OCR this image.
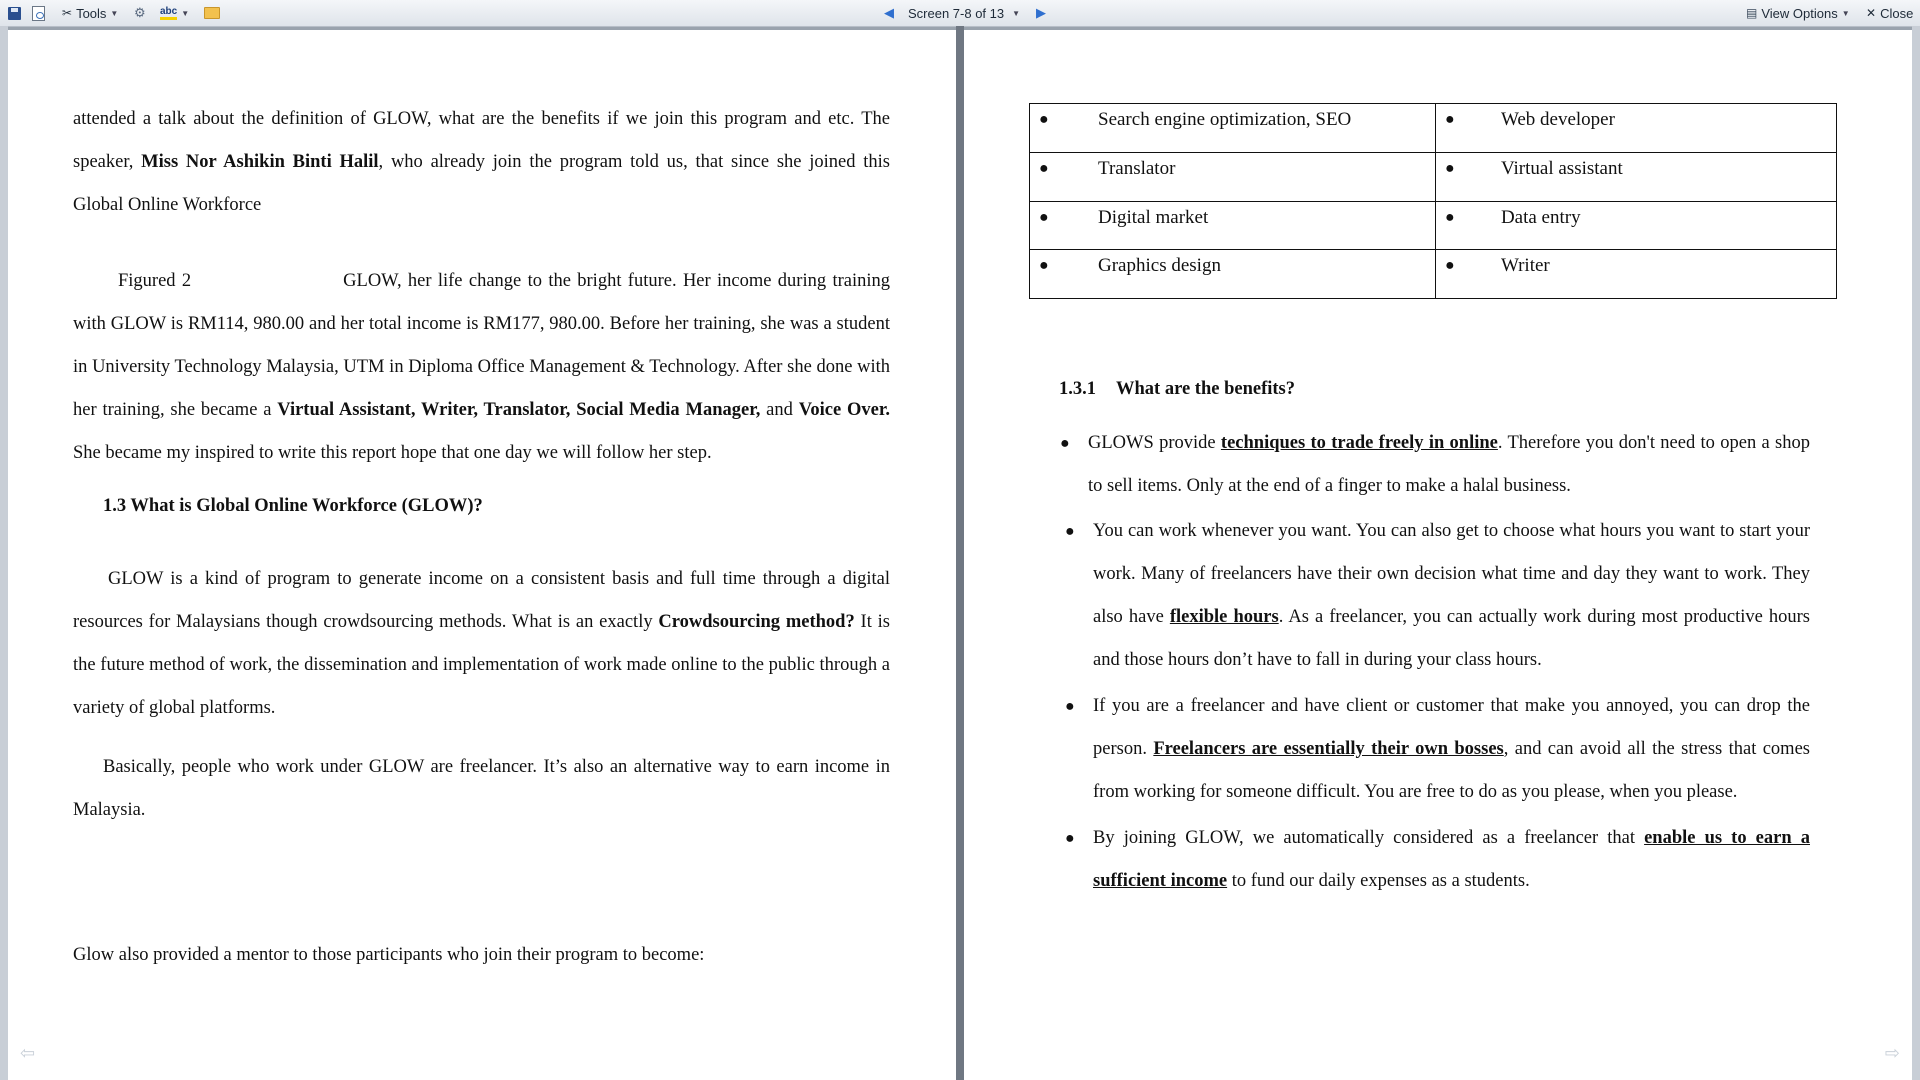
✂ Tools ▼ ⚙ abc ▼	◀ Screen 7-8 of 13 ▼ ▶	▤ View Options ▼ ✕ Close
attended a talk about the definition of GLOW, what are the benefits if we join this program and etc. The speaker, Miss Nor Ashikin Binti Halil, who already join the program told us, that since she joined this Global Online Workforce
Figured 2	GLOW, her life change to the bright future. Her income during training with GLOW is RM114, 980.00 and her total income is RM177, 980.00. Before her training, she was a student in University Technology Malaysia, UTM in Diploma Office Management & Technology. After she done with her training, she became a Virtual Assistant, Writer, Translator, Social Media Manager, and Voice Over. She became my inspired to write this report hope that one day we will follow her step.
1.3 What is Global Online Workforce (GLOW)?
GLOW is a kind of program to generate income on a consistent basis and full time through a digital resources for Malaysians though crowdsourcing methods. What is an exactly Crowdsourcing method? It is the future method of work, the dissemination and implementation of work made online to the public through a variety of global platforms.
Basically, people who work under GLOW are freelancer. It’s also an alternative way to earn income in Malaysia.
Glow also provided a mentor to those participants who join their program to become:
⇦
● Search engine optimization, SEO	● Web developer

● Translator	● Virtual assistant

● Digital market	● Data entry

● Graphics design	● Writer
1.3.1 What are the benefits?
● GLOWS provide techniques to trade freely in online. Therefore you don't need to open a shop to sell items. Only at the end of a finger to make a halal business.
● You can work whenever you want. You can also get to choose what hours you want to start your work. Many of freelancers have their own decision what time and day they want to work. They also have flexible hours. As a freelancer, you can actually work during most productive hours and those hours don’t have to fall in during your class hours.
● If you are a freelancer and have client or customer that make you annoyed, you can drop the person. Freelancers are essentially their own bosses, and can avoid all the stress that comes from working for someone difficult. You are free to do as you please, when you please.
● By joining GLOW, we automatically considered as a freelancer that enable us to earn a sufficient income to fund our daily expenses as a students.
⇨
